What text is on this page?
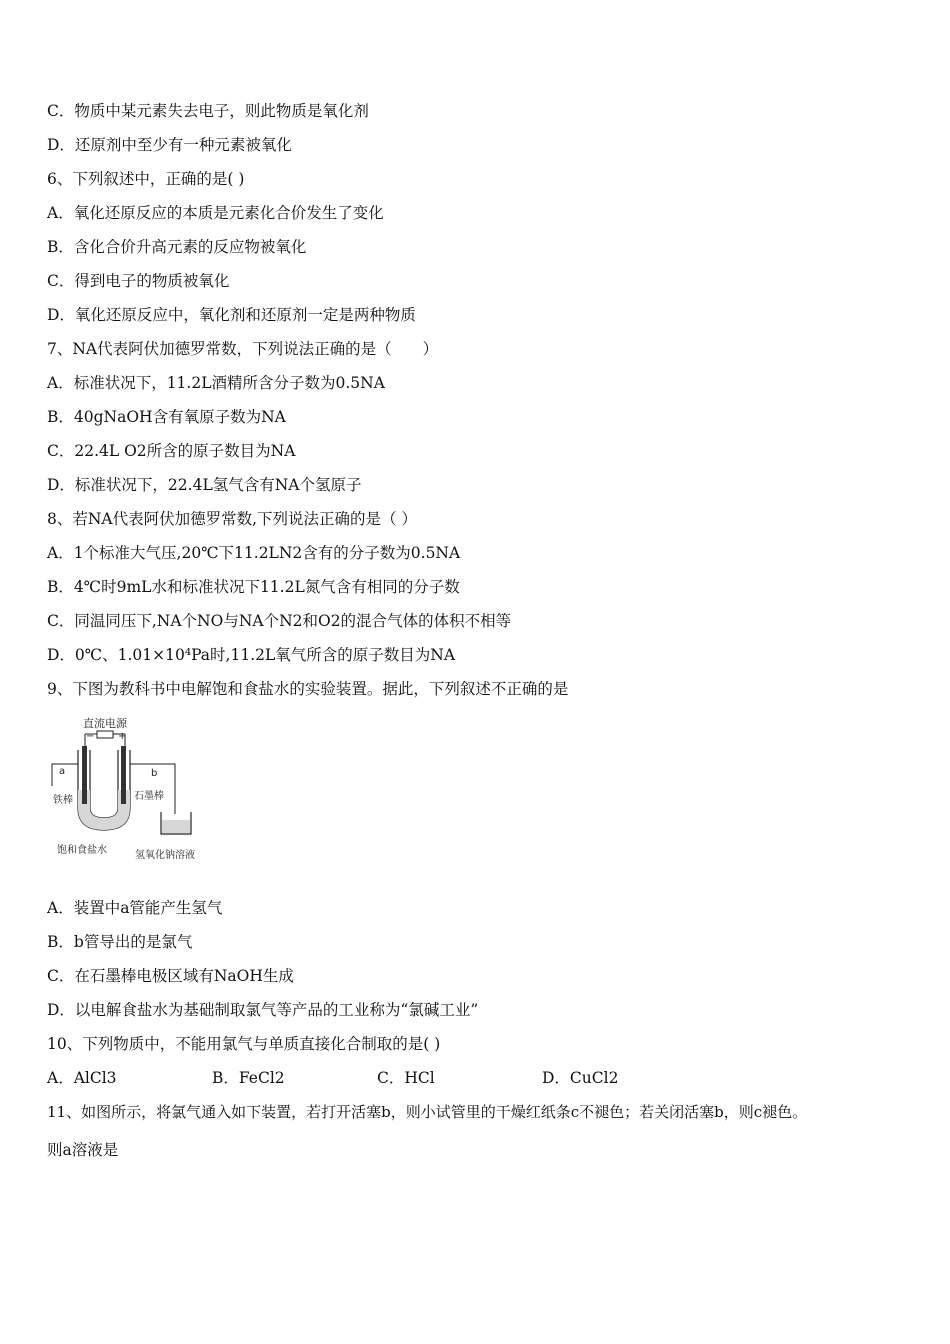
C．物质中某元素失去电子，则此物质是氧化剂
D．还原剂中至少有一种元素被氧化
6、下列叙述中，正确的是( )
A．氧化还原反应的本质是元素化合价发生了变化
B．含化合价升高元素的反应物被氧化
C．得到电子的物质被氧化
D．氧化还原反应中，氧化剂和还原剂一定是两种物质
7、NA代表阿伏加德罗常数，下列说法正确的是（　　）
A．标准状况下，11.2L酒精所含分子数为0.5NA
B．40gNaOH含有氧原子数为NA
C．22.4L O2所含的原子数目为NA
D．标准状况下，22.4L氢气含有NA个氢原子
8、若NA代表阿伏加德罗常数,下列说法正确的是（ ）
A．1个标准大气压,20℃下11.2LN2含有的分子数为0.5NA
B．4℃时9mL水和标准状况下11.2L氮气含有相同的分子数
C．同温同压下,NA个NO与NA个N2和O2的混合气体的体积不相等
D．0℃、1.01×10⁴Pa时,11.2L氧气所含的原子数目为NA
9、下图为教科书中电解饱和食盐水的实验装置。据此，下列叙述不正确的是
直流电源
− +
a	b
铁棒	石墨棒
饱和食盐水	氢氧化钠溶液
A．装置中a管能产生氢气
B．b管导出的是氯气
C．在石墨棒电极区域有NaOH生成
D．以电解食盐水为基础制取氯气等产品的工业称为“氯碱工业”
10、下列物质中，不能用氯气与单质直接化合制取的是( )
A．AlCl3	B．FeCl2	C．HCl	D．CuCl2
11、如图所示，将氯气通入如下装置，若打开活塞b，则小试管里的干燥红纸条c不褪色；若关闭活塞b，则c褪色。
则a溶液是
